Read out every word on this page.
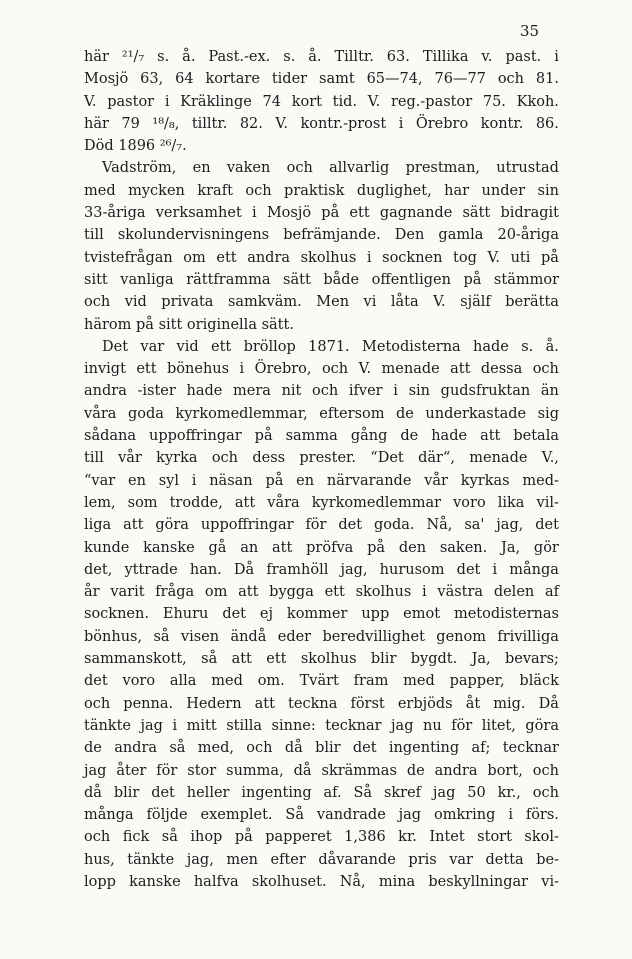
35
här ²¹/₇ s. å. Past.-ex. s. å. Tilltr. 63. Tillika v. past. i
Mosjö 63, 64 kortare tider samt 65—74, 76—77 och 81.
V. pastor i Kräklinge 74 kort tid. V. reg.-pastor 75. Kkoh.
här 79 ¹⁸/₈, tilltr. 82. V. kontr.-prost i Örebro kontr. 86.
Död 1896 ²⁶/₇.
Vadström, en vaken och allvarlig prestman, utrustad
med mycken kraft och praktisk duglighet, har under sin
33-åriga verksamhet i Mosjö på ett gagnande sätt bidragit
till skolundervisningens befrämjande. Den gamla 20-åriga
tvistefrågan om ett andra skolhus i socknen tog V. uti på
sitt vanliga rättframma sätt både offentligen på stämmor
och vid privata samkväm. Men vi låta V. själf berätta
härom på sitt originella sätt.
Det var vid ett bröllop 1871. Metodisterna hade s. å.
invigt ett bönehus i Örebro, och V. menade att dessa och
andra -ister hade mera nit och ifver i sin gudsfruktan än
våra goda kyrkomedlemmar, eftersom de underkastade sig
sådana uppoffringar på samma gång de hade att betala
till vår kyrka och dess prester. “Det där“, menade V.,
“var en syl i näsan på en närvarande vår kyrkas med-
lem, som trodde, att våra kyrkomedlemmar voro lika vil-
liga att göra uppoffringar för det goda. Nå, sa' jag, det
kunde kanske gå an att pröfva på den saken. Ja, gör
det, yttrade han. Då framhöll jag, hurusom det i många
år varit fråga om att bygga ett skolhus i västra delen af
socknen. Ehuru det ej kommer upp emot metodisternas
bönhus, så visen ändå eder beredvillighet genom frivilliga
sammanskott, så att ett skolhus blir bygdt. Ja, bevars;
det voro alla med om. Tvärt fram med papper, bläck
och penna. Hedern att teckna först erbjöds åt mig. Då
tänkte jag i mitt stilla sinne: tecknar jag nu för litet, göra
de andra så med, och då blir det ingenting af; tecknar
jag åter för stor summa, då skrämmas de andra bort, och
då blir det heller ingenting af. Så skref jag 50 kr., och
många följde exemplet. Så vandrade jag omkring i förs.
och fick så ihop på papperet 1,386 kr. Intet stort skol-
hus, tänkte jag, men efter dåvarande pris var detta be-
lopp kanske halfva skolhuset. Nå, mina beskyllningar vi-
